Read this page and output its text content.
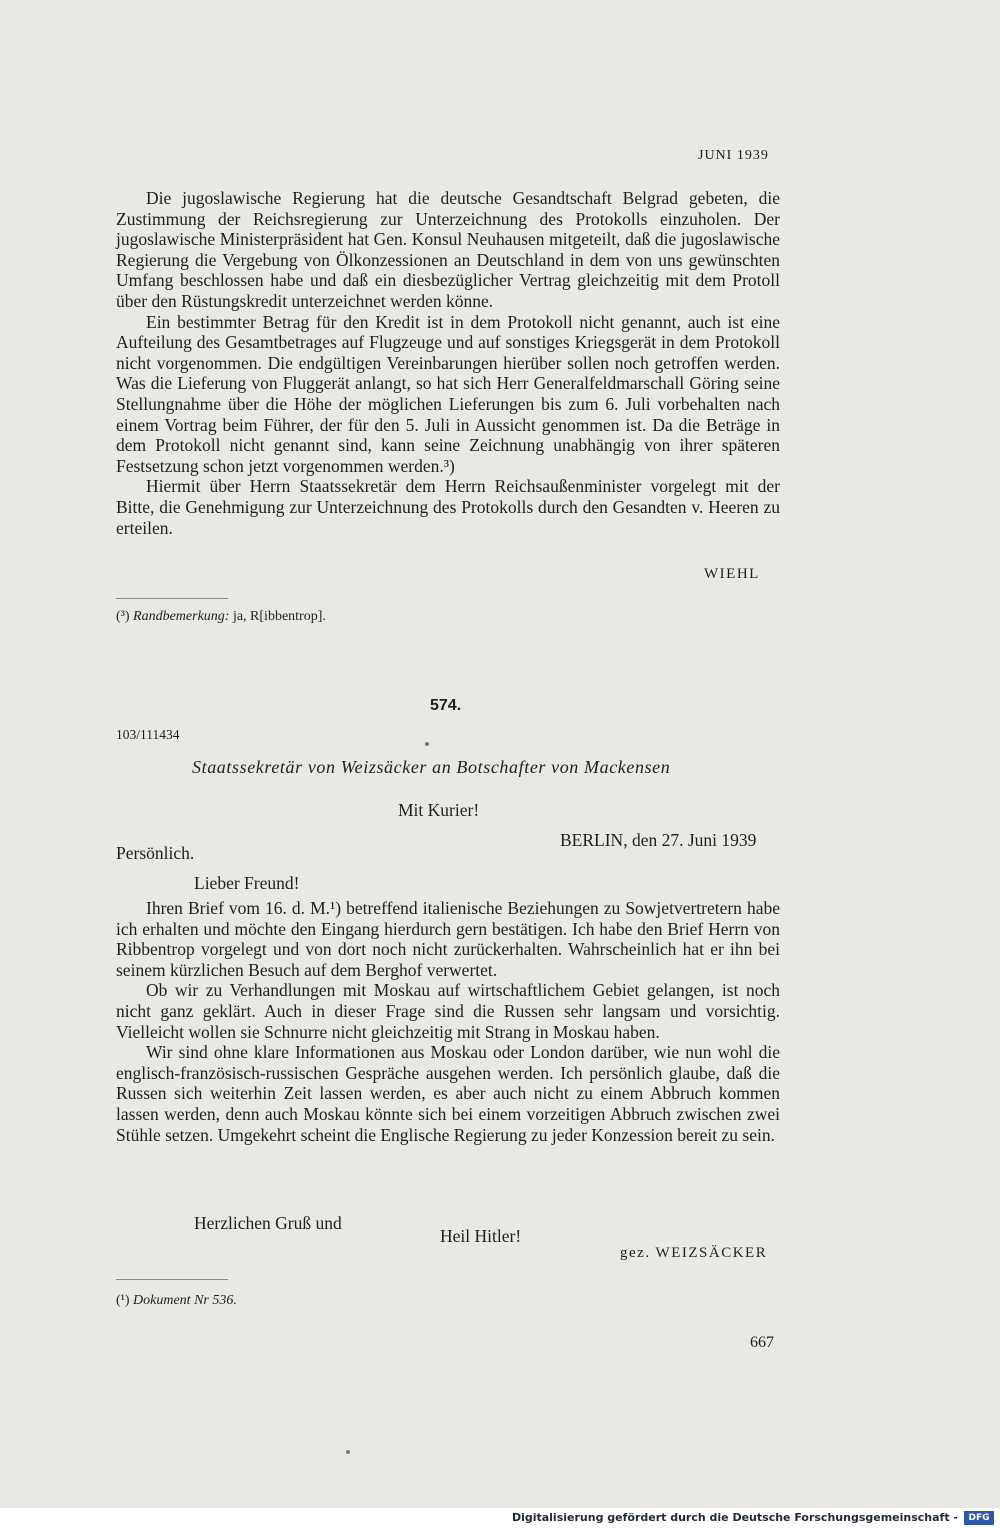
JUNI 1939

Die jugoslawische Regierung hat die deutsche Gesandtschaft Belgrad gebeten, die Zustimmung der Reichsregierung zur Unterzeichnung des Protokolls einzuholen. Der jugoslawische Ministerpräsident hat Gen. Konsul Neuhausen mitgeteilt, daß die jugoslawische Regierung die Vergebung von Ölkonzessionen an Deutschland in dem von uns gewünschten Umfang beschlossen habe und daß ein diesbezüglicher Vertrag gleichzeitig mit dem Protoll über den Rüstungskredit unterzeichnet werden könne.

Ein bestimmter Betrag für den Kredit ist in dem Protokoll nicht genannt, auch ist eine Aufteilung des Gesamtbetrages auf Flugzeuge und auf sonstiges Kriegsgerät in dem Protokoll nicht vorgenommen. Die endgültigen Vereinbarungen hierüber sollen noch getroffen werden. Was die Lieferung von Fluggerät anlangt, so hat sich Herr Generalfeldmarschall Göring seine Stellungnahme über die Höhe der möglichen Lieferungen bis zum 6. Juli vorbehalten nach einem Vortrag beim Führer, der für den 5. Juli in Aussicht genommen ist. Da die Beträge in dem Protokoll nicht genannt sind, kann seine Zeichnung unabhängig von ihrer späteren Festsetzung schon jetzt vorgenommen werden.³)

Hiermit über Herrn Staatssekretär dem Herrn Reichsaußenminister vorgelegt mit der Bitte, die Genehmigung zur Unterzeichnung des Protokolls durch den Gesandten v. Heeren zu erteilen.

WIEHL
(³) Randbemerkung: ja, R[ibbentrop].
574.
103/111434
Staatssekretär von Weizsäcker an Botschafter von Mackensen
Mit Kurier!
BERLIN, den 27. Juni 1939
Persönlich.
Lieber Freund!

Ihren Brief vom 16. d. M.¹) betreffend italienische Beziehungen zu Sowjetvertretern habe ich erhalten und möchte den Eingang hierdurch gern bestätigen. Ich habe den Brief Herrn von Ribbentrop vorgelegt und von dort noch nicht zurückerhalten. Wahrscheinlich hat er ihn bei seinem kürzlichen Besuch auf dem Berghof verwertet.

Ob wir zu Verhandlungen mit Moskau auf wirtschaftlichem Gebiet gelangen, ist noch nicht ganz geklärt. Auch in dieser Frage sind die Russen sehr langsam und vorsichtig. Vielleicht wollen sie Schnurre nicht gleichzeitig mit Strang in Moskau haben.

Wir sind ohne klare Informationen aus Moskau oder London darüber, wie nun wohl die englisch-französisch-russischen Gespräche ausgehen werden. Ich persönlich glaube, daß die Russen sich weiterhin Zeit lassen werden, es aber auch nicht zu einem Abbruch kommen lassen werden, denn auch Moskau könnte sich bei einem vorzeitigen Abbruch zwischen zwei Stühle setzen. Umgekehrt scheint die Englische Regierung zu jeder Konzession bereit zu sein.

Herzlichen Gruß und
Heil Hitler!
gez. WEIZSÄCKER
(¹) Dokument Nr 536.
667
Digitalisierung gefördert durch die Deutsche Forschungsgemeinschaft -	DFG
